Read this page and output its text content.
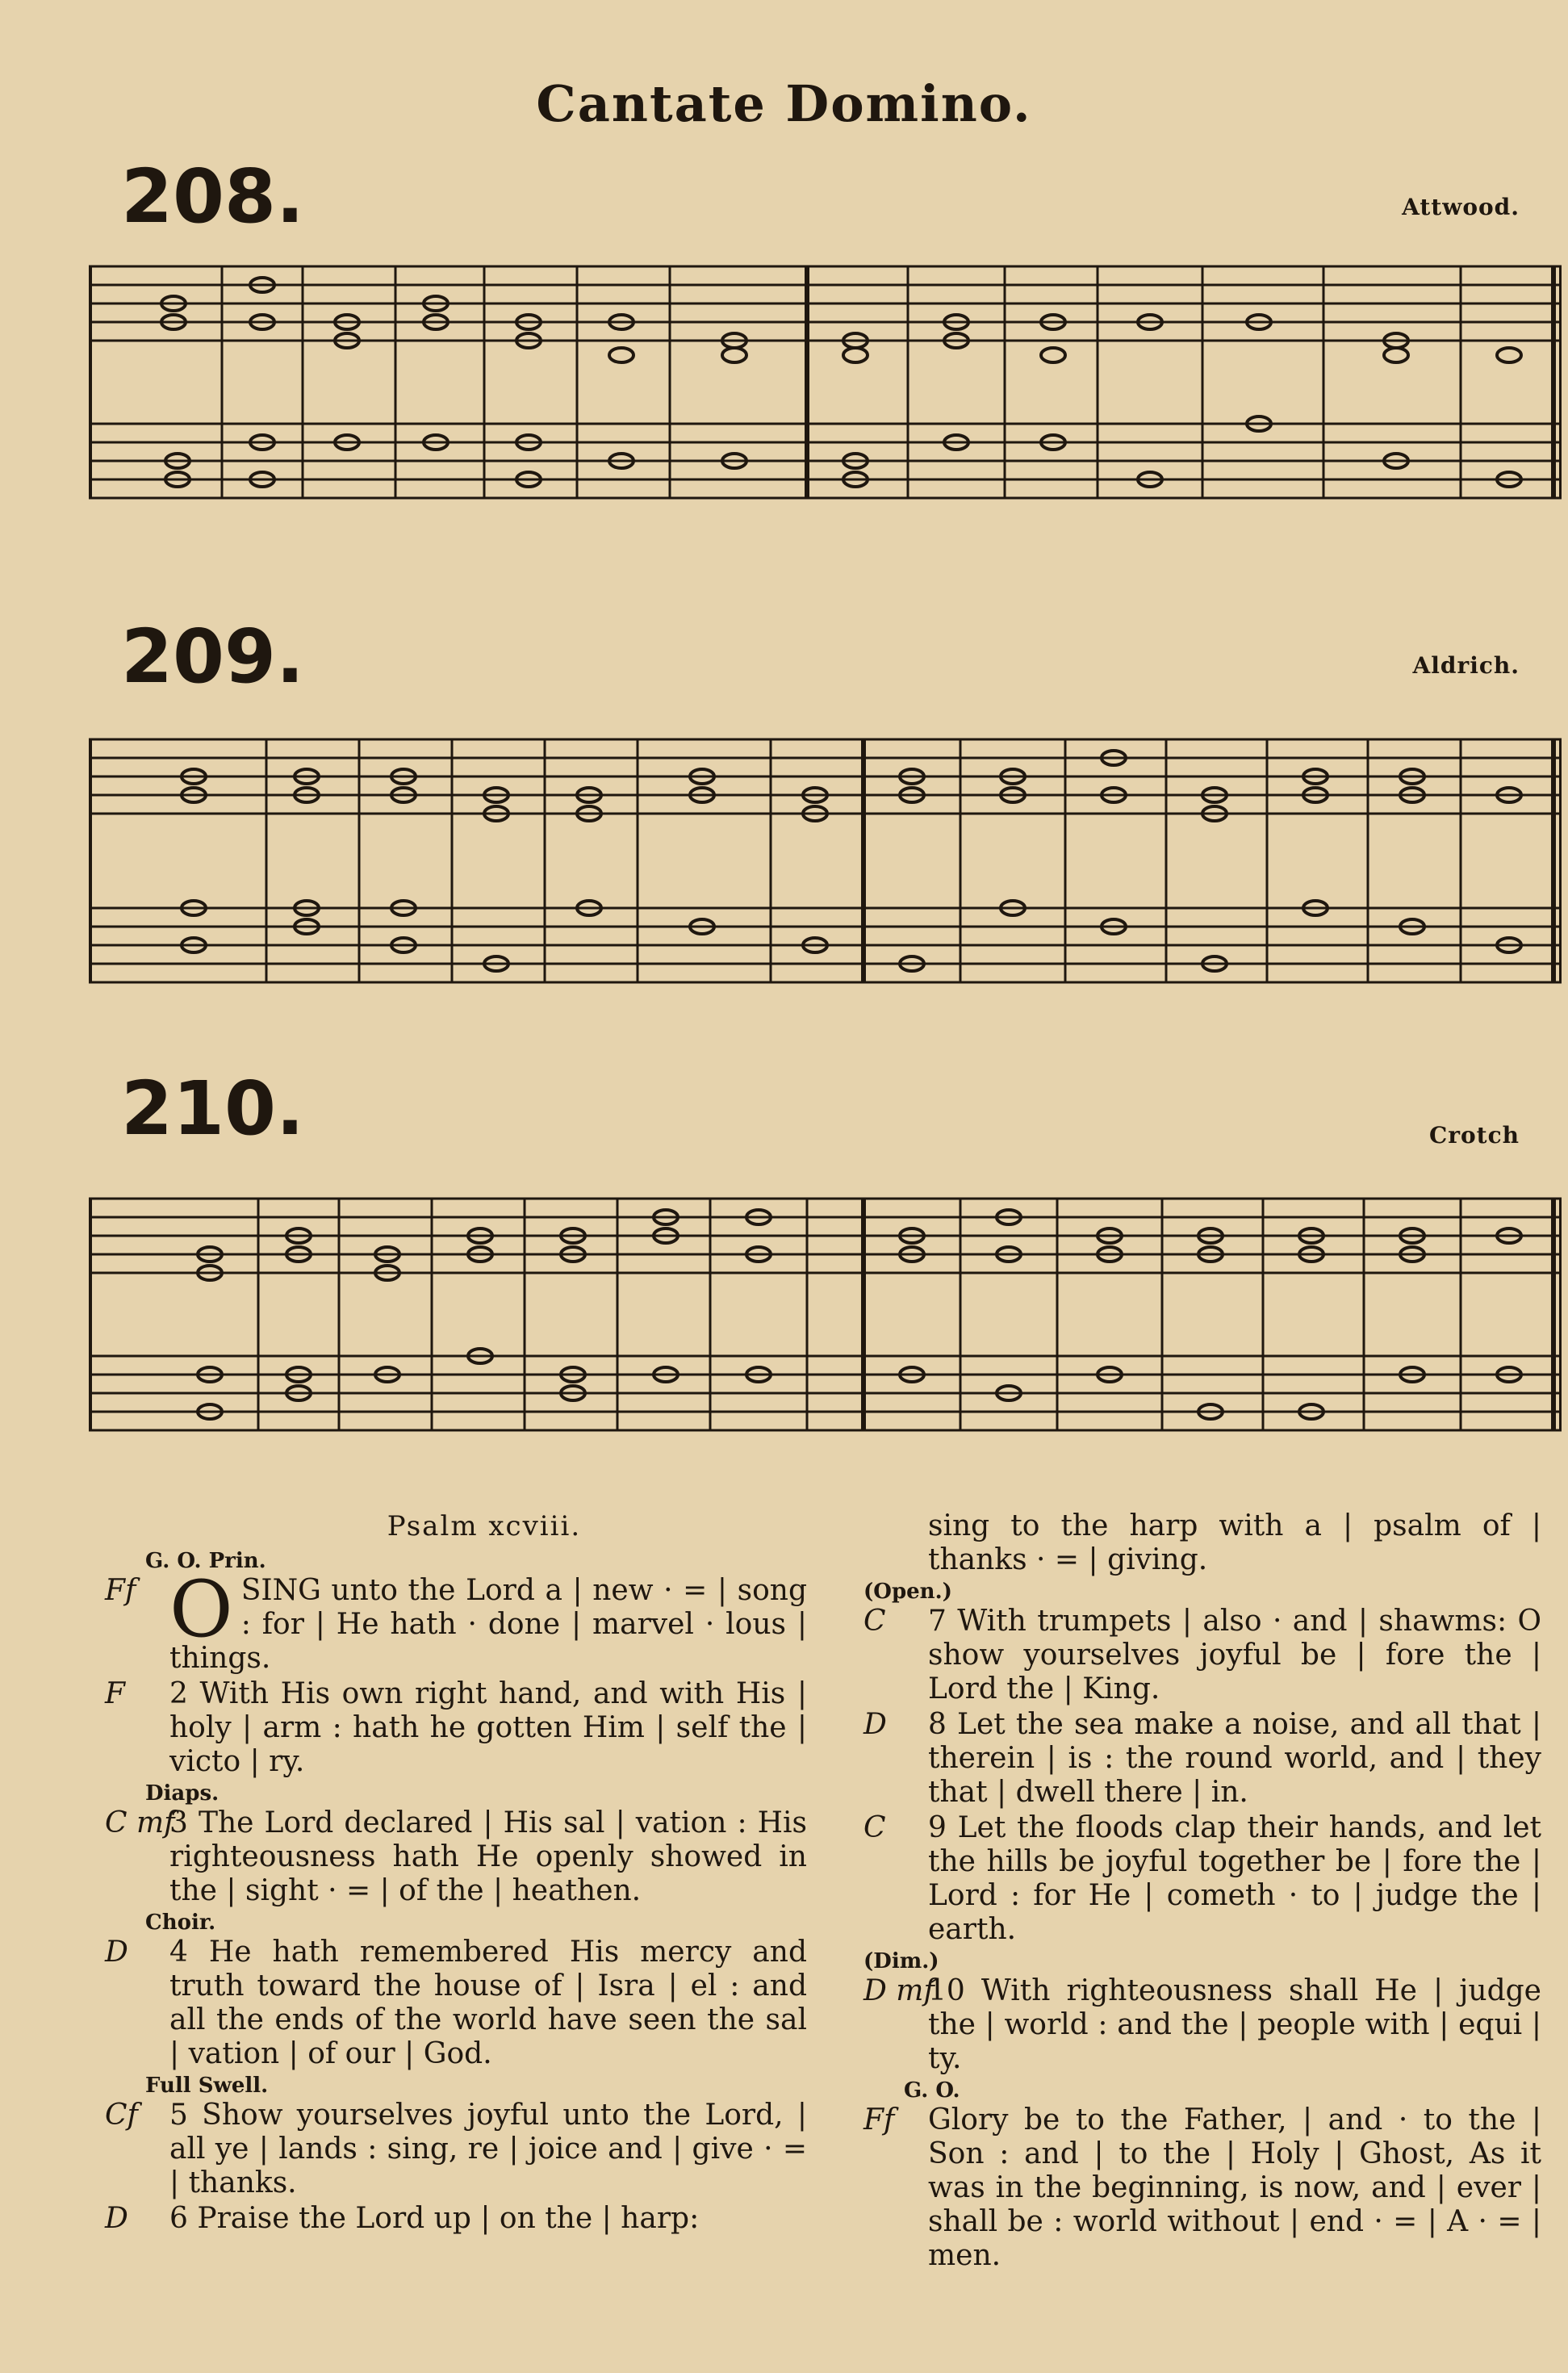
Cantate Domino.
208.	Attwood.
209.	Aldrich.
210.	Crotch
Psalm xcviii.
G. O. Prin.
Ff OSING unto the Lord a | new · = | song : for | He hath · done | marvel · lous | things.
F 2 With His own right hand, and with His | holy | arm : hath he gotten Him | self the | victo | ry.
Diaps.
C mf
3 The Lord declared | His sal | vation : His righteousness hath He openly showed in the | sight · = | of the | heathen.
Choir.
D 4 He hath remembered His mercy and truth toward the house of | Isra | el : and all the ends of the world have seen the sal | vation | of our | God.
Full Swell.
Cf 5 Show yourselves joyful unto the Lord, | all ye | lands : sing, re | joice and | give · = | thanks.
D 6 Praise the Lord up | on the | harp:
sing to the harp with a | psalm of | thanks · = | giving.
(Open.)
C 7 With trumpets | also · and | shawms: O show yourselves joyful be | fore the | Lord the | King.
D 8 Let the sea make a noise, and all that | therein | is : the round world, and | they that | dwell there | in.
C 9 Let the floods clap their hands, and let the hills be joyful together be | fore the | Lord : for He | cometh · to | judge the | earth.
(Dim.)
D mf
10 With righteousness shall He | judge the | world : and the | people with | equi | ty.
G. O.
Ff Glory be to the Father, | and · to the | Son : and | to the | Holy | Ghost, As it was in the beginning, is now, and | ever | shall be : world without | end · = | A · = | men.
